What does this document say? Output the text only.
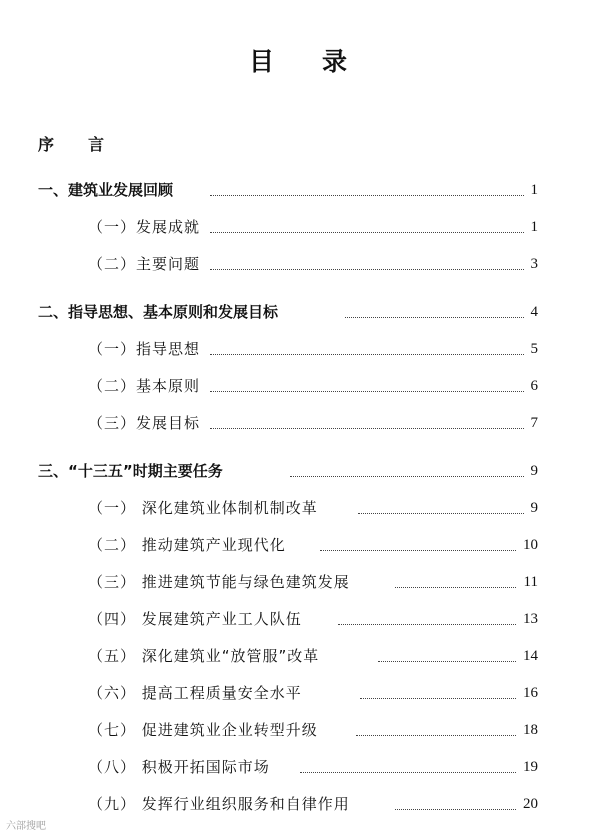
目 录
序 言
一、建筑业发展回顾	1
（一）发展成就	1
（二）主要问题	3
二、指导思想、基本原则和发展目标	4
（一）指导思想	5
（二）基本原则	6
（三）发展目标	7
三、“十三五”时期主要任务	9
（一） 深化建筑业体制机制改革	9
（二） 推动建筑产业现代化	10
（三） 推进建筑节能与绿色建筑发展	11
（四） 发展建筑产业工人队伍	13
（五） 深化建筑业“放管服”改革	14
（六） 提高工程质量安全水平	16
（七） 促进建筑业企业转型升级	18
（八） 积极开拓国际市场	19
（九） 发挥行业组织服务和自律作用	20
六部搜吧
